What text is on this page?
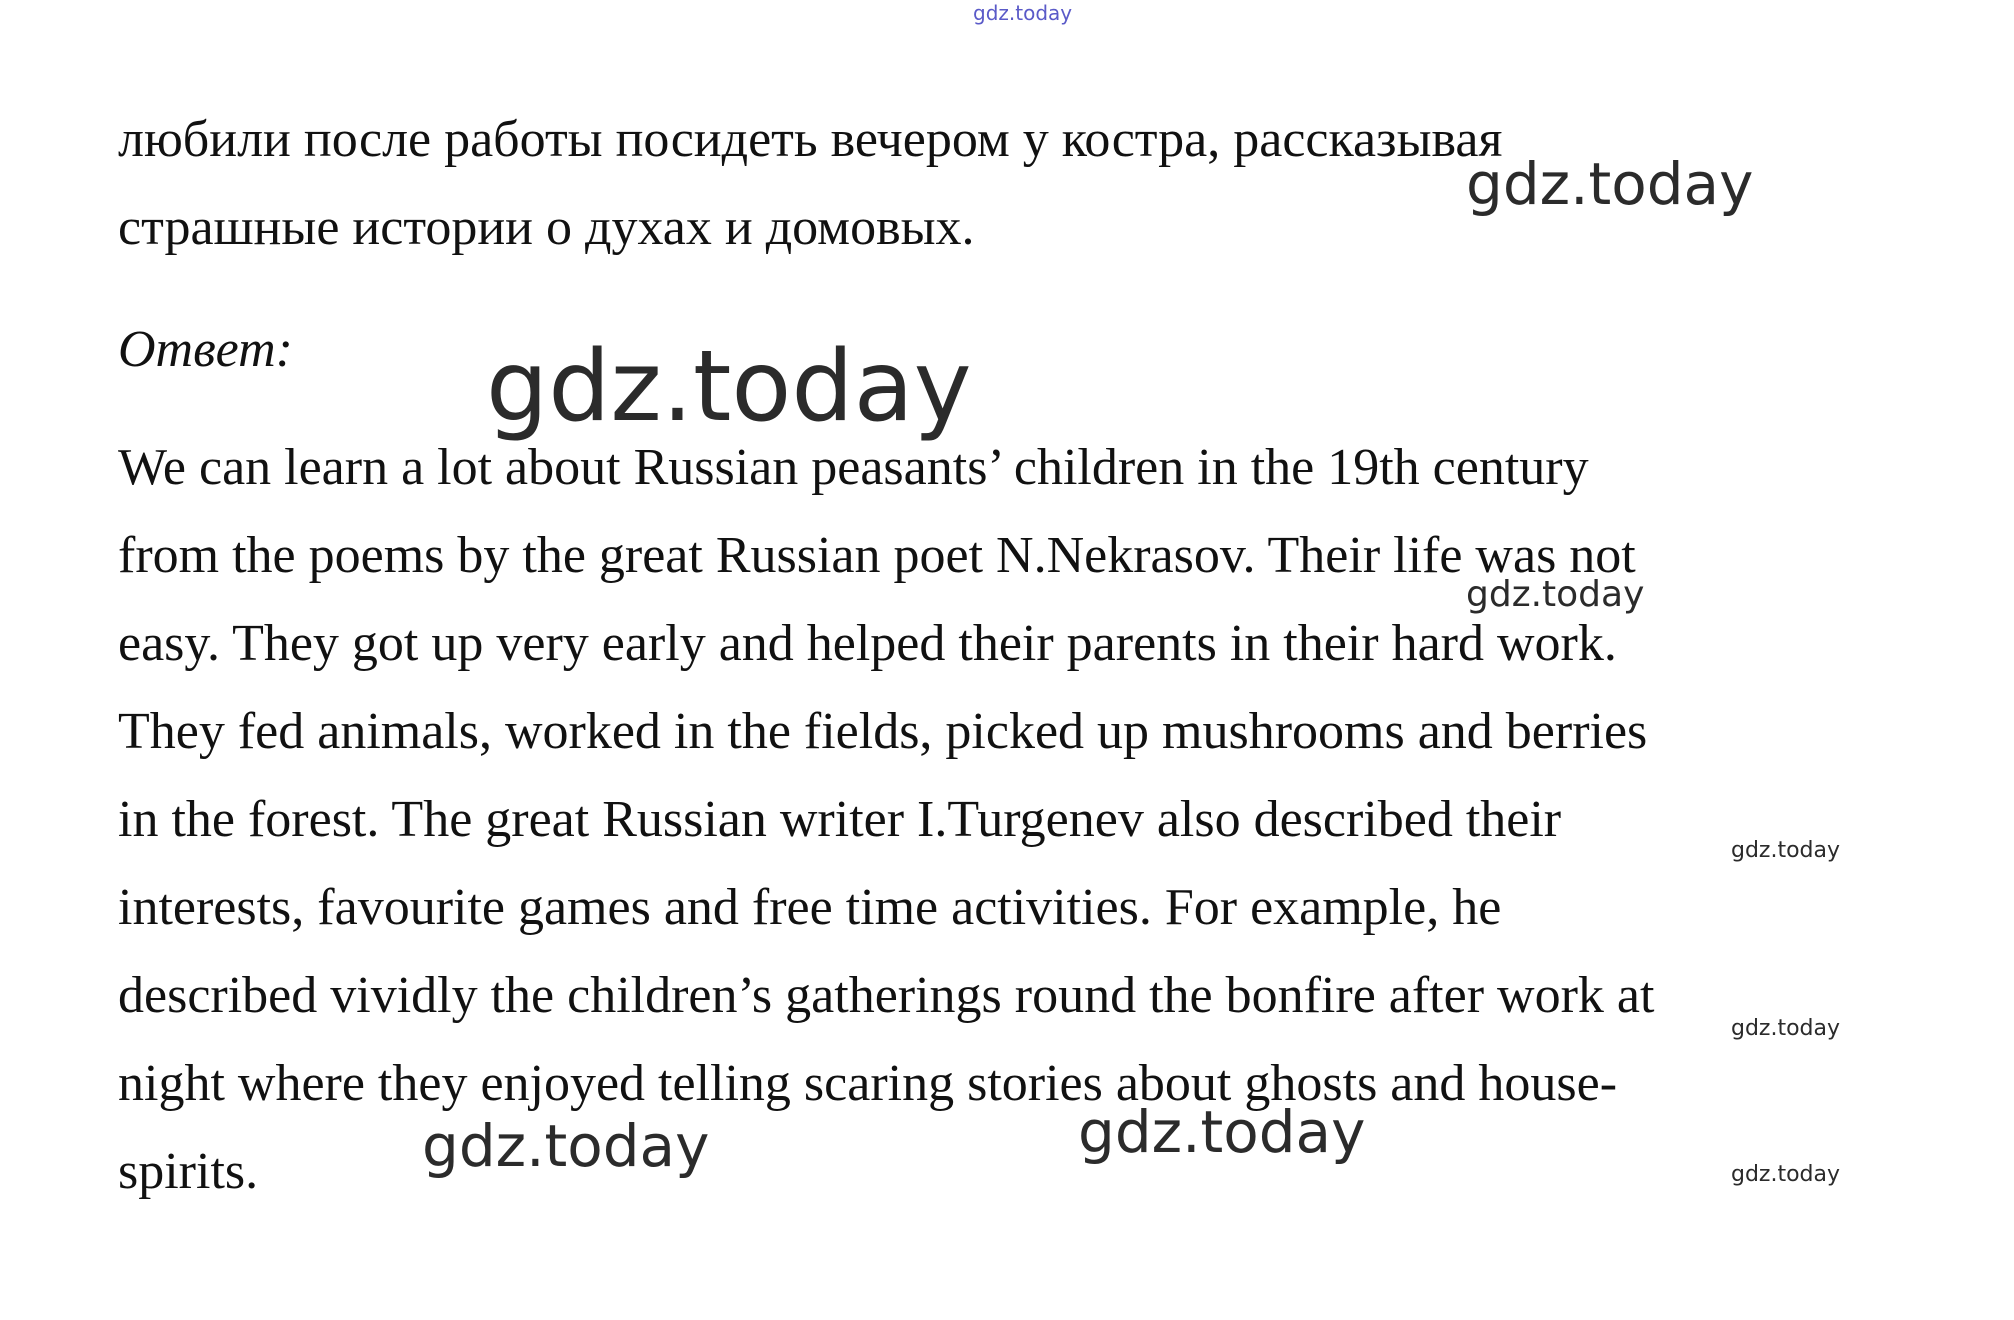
gdz.today
любили после работы посидеть вечером у костра, рассказывая
страшные истории о духах и домовых.
Ответ:
We can learn a lot about Russian peasants’ children in the 19th century
from the poems by the great Russian poet N.Nekrasov. Their life was not
easy. They got up very early and helped their parents in their hard work.
They fed animals, worked in the fields, picked up mushrooms and berries
in the forest. The great Russian writer I.Turgenev also described their
interests, favourite games and free time activities. For example, he
described vividly the children’s gatherings round the bonfire after work at
night where they enjoyed telling scaring stories about ghosts and house-
spirits.
gdz.today
gdz.today
gdz.today
gdz.today
gdz.today
gdz.today	gdz.today
gdz.today
